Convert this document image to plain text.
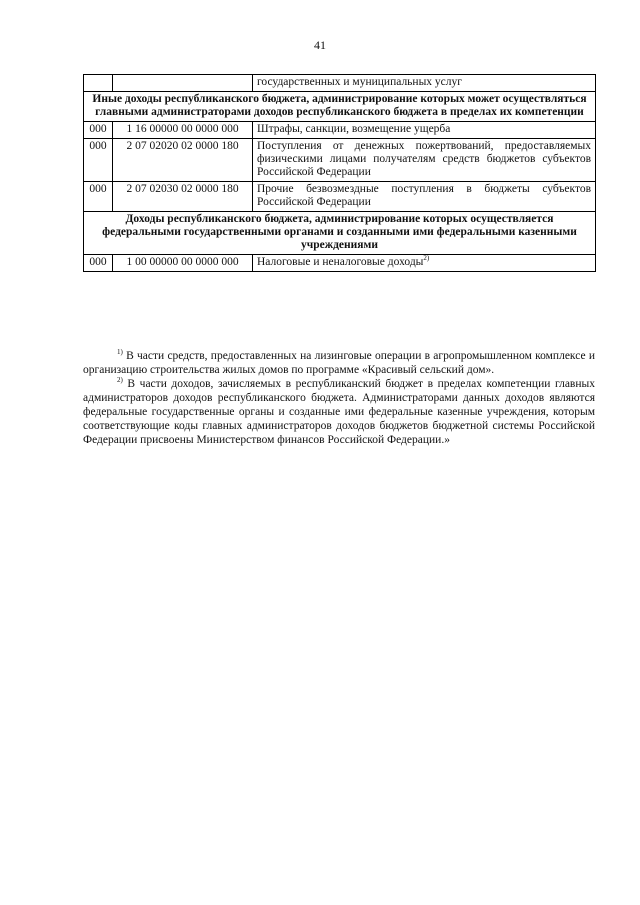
41
		государственных и муниципальных услуг
Иные доходы республиканского бюджета, администрирование которых может осуществляться главными администраторами доходов республиканского бюджета в пределах их компетенции		
000	1 16 00000 00 0000 000	Штрафы, санкции, возмещение ущерба
000	2 07 02020 02 0000 180	Поступления от денежных пожертвований, предоставляемых физическими лицами получателям средств бюджетов субъектов Российской Федерации
000	2 07 02030 02 0000 180	Прочие безвозмездные поступления в бюджеты субъектов Российской Федерации
Доходы республиканского бюджета, администрирование которых осуществляется федеральными государственными органами и созданными ими федеральными казенными учреждениями		
000	1 00 00000 00 0000 000	Налоговые и неналоговые доходы$^{2)}$

$^{1)}$ В части средств, предоставленных на лизинговые операции в агропромышленном комплексе и организацию строительства жилых домов по программе «Красивый сельский дом».

$^{2)}$ В части доходов, зачисляемых в республиканский бюджет в пределах компетенции главных администраторов доходов республиканского бюджета. Администраторами данных доходов являются федеральные государственные органы и созданные ими федеральные казенные учреждения, которым соответствующие коды главных администраторов доходов бюджетов бюджетной системы Российской Федерации присвоены Министерством финансов Российской Федерации.»
